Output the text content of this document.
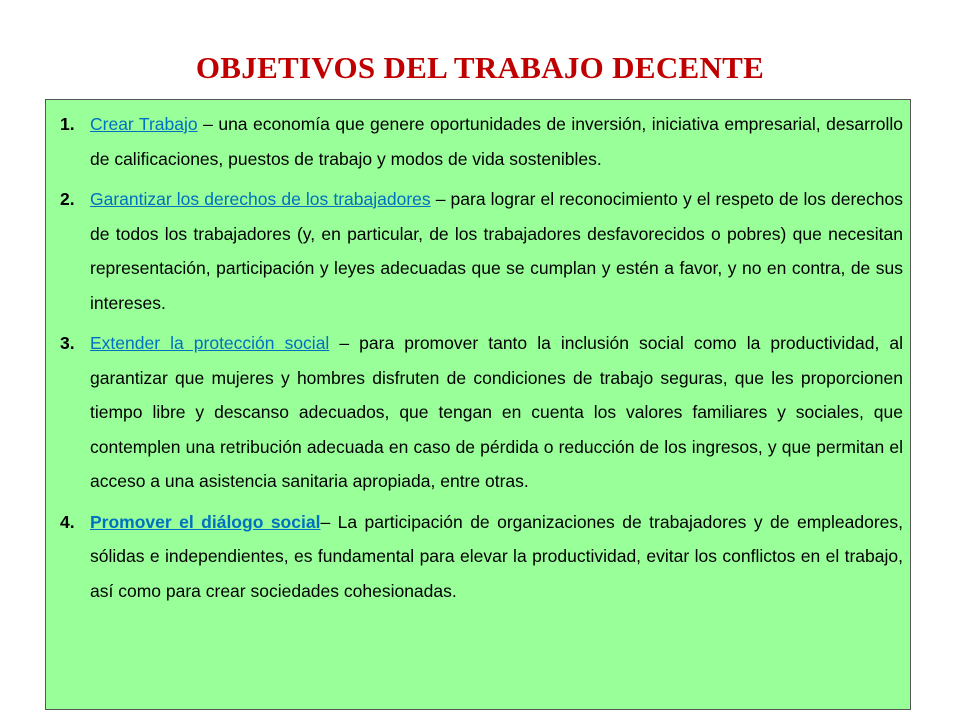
OBJETIVOS DEL TRABAJO DECENTE
1. Crear Trabajo – una economía que genere oportunidades de inversión, iniciativa empresarial, desarrollo de calificaciones, puestos de trabajo y modos de vida sostenibles.
2. Garantizar los derechos de los trabajadores – para lograr el reconocimiento y el respeto de los derechos de todos los trabajadores (y, en particular, de los trabajadores desfavorecidos o pobres) que necesitan representación, participación y leyes adecuadas que se cumplan y estén a favor, y no en contra, de sus intereses.
3. Extender la protección social – para promover tanto la inclusión social como la productividad, al garantizar que mujeres y hombres disfruten de condiciones de trabajo seguras, que les proporcionen tiempo libre y descanso adecuados, que tengan en cuenta los valores familiares y sociales, que contemplen una retribución adecuada en caso de pérdida o reducción de los ingresos, y que permitan el acceso a una asistencia sanitaria apropiada, entre otras.
4. Promover el diálogo social– La participación de organizaciones de trabajadores y de empleadores, sólidas e independientes, es fundamental para elevar la productividad, evitar los conflictos en el trabajo, así como para crear sociedades cohesionadas.
